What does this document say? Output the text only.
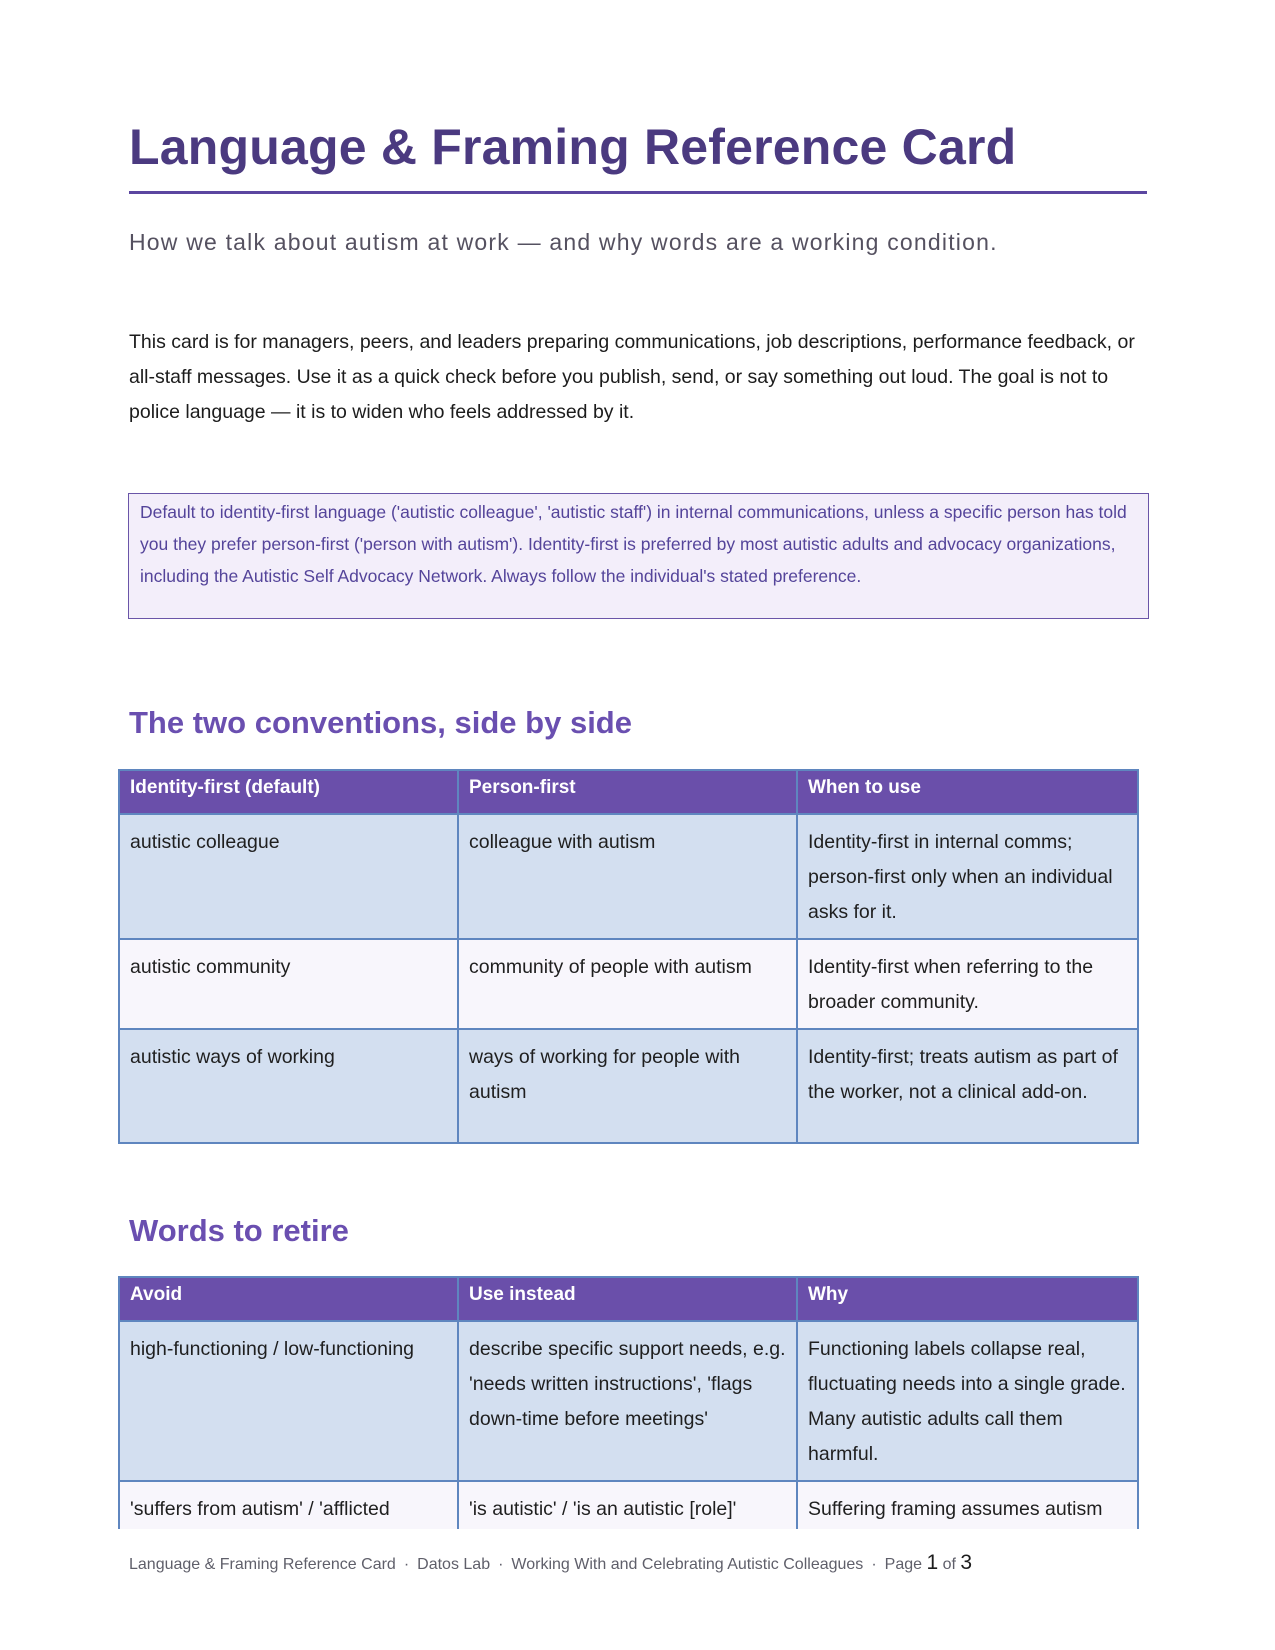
Language & Framing Reference Card
How we talk about autism at work — and why words are a working condition.
This card is for managers, peers, and leaders preparing communications, job descriptions, performance feedback, or all-staff messages. Use it as a quick check before you publish, send, or say something out loud. The goal is not to police language — it is to widen who feels addressed by it.

Default to identity-first language ('autistic colleague', 'autistic staff') in internal communications, unless a specific person has told you they prefer person-first ('person with autism'). Identity-first is preferred by most autistic adults and advocacy organizations, including the Autistic Self Advocacy Network. Always follow the individual's stated preference.

The two conventions, side by side
Identity-first (default)	Person-first	When to use
autistic colleague	colleague with autism	Identity-first in internal comms; person-first only when an individual asks for it.
autistic community	community of people with autism	Identity-first when referring to the broader community.
autistic ways of working	ways of working for people with autism	Identity-first; treats autism as part of the worker, not a clinical add-on.
Words to retire
Avoid	Use instead	Why
high-functioning / low-functioning	describe specific support needs, e.g. 'needs written instructions', 'flags down-time before meetings'	Functioning labels collapse real, fluctuating needs into a single grade. Many autistic adults call them harmful.
'suffers from autism' / 'afflicted	'is autistic' / 'is an autistic [role]'	Suffering framing assumes autism
Language & Framing Reference Card · Datos Lab · Working With and Celebrating Autistic Colleagues · Page 1 of 3
